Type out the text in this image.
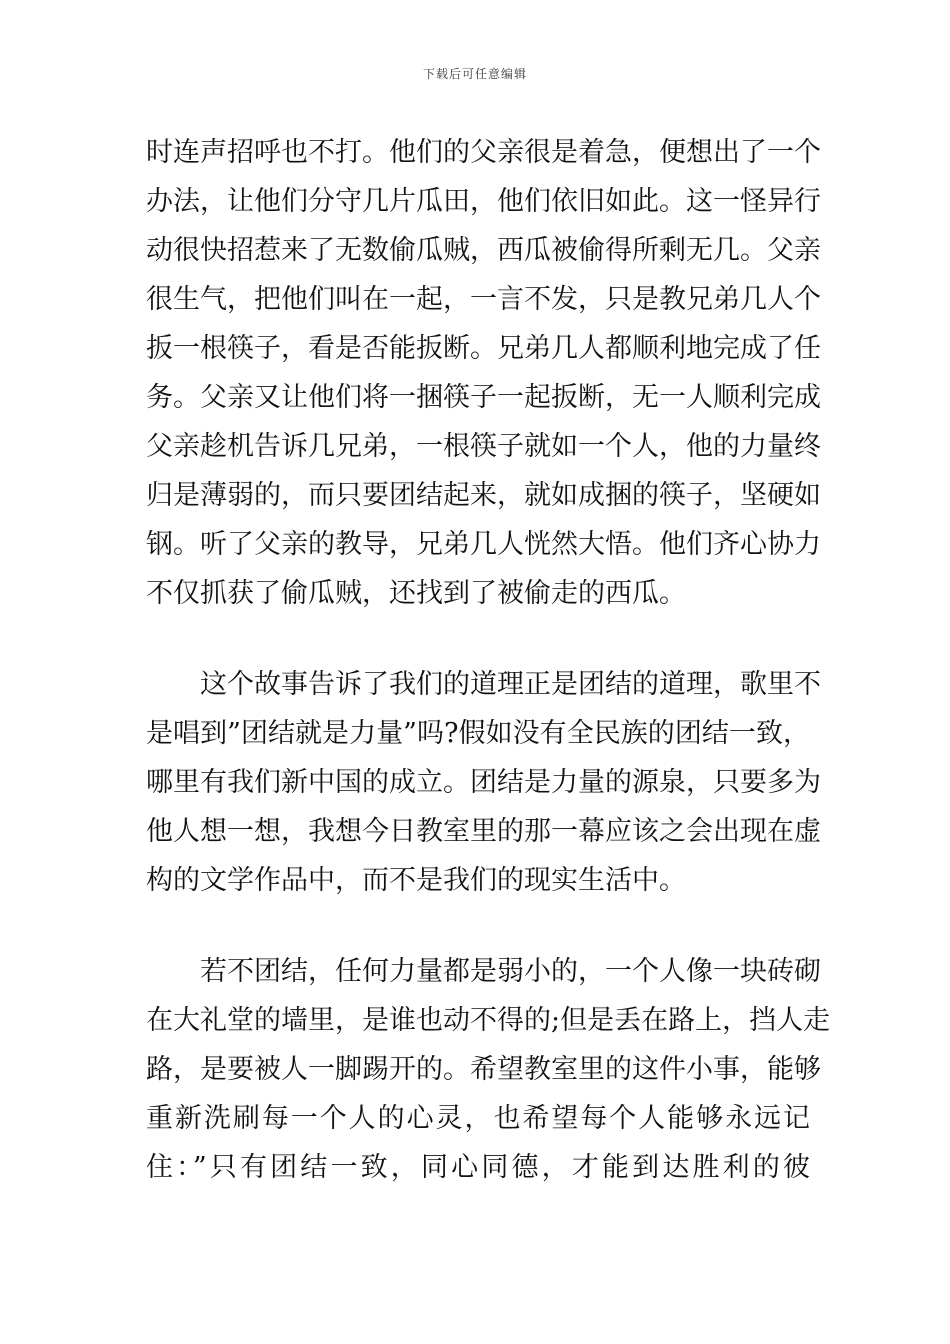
下载后可任意编辑
时连声招呼也不打。他们的父亲很是着急，便想出了一个
办法，让他们分守几片瓜田，他们依旧如此。这一怪异行
动很快招惹来了无数偷瓜贼，西瓜被偷得所剩无几。父亲
很生气，把他们叫在一起，一言不发，只是教兄弟几人个
扳一根筷子，看是否能扳断。兄弟几人都顺利地完成了任
务。父亲又让他们将一捆筷子一起扳断，无一人顺利完成
父亲趁机告诉几兄弟，一根筷子就如一个人，他的力量终
归是薄弱的，而只要团结起来，就如成捆的筷子，坚硬如
钢。听了父亲的教导，兄弟几人恍然大悟。他们齐心协力
不仅抓获了偷瓜贼，还找到了被偷走的西瓜。
这个故事告诉了我们的道理正是团结的道理，歌里不
是唱到”团结就是力量”吗?假如没有全民族的团结一致，
哪里有我们新中国的成立。团结是力量的源泉，只要多为
他人想一想，我想今日教室里的那一幕应该之会出现在虚
构的文学作品中，而不是我们的现实生活中。
若不团结，任何力量都是弱小的，一个人像一块砖砌
在大礼堂的墙里，是谁也动不得的;但是丢在路上，挡人走
路，是要被人一脚踢开的。希望教室里的这件小事，能够
重新洗刷每一个人的心灵，也希望每个人能够永远记
住：”只有团结一致，同心同德，才能到达胜利的彼
